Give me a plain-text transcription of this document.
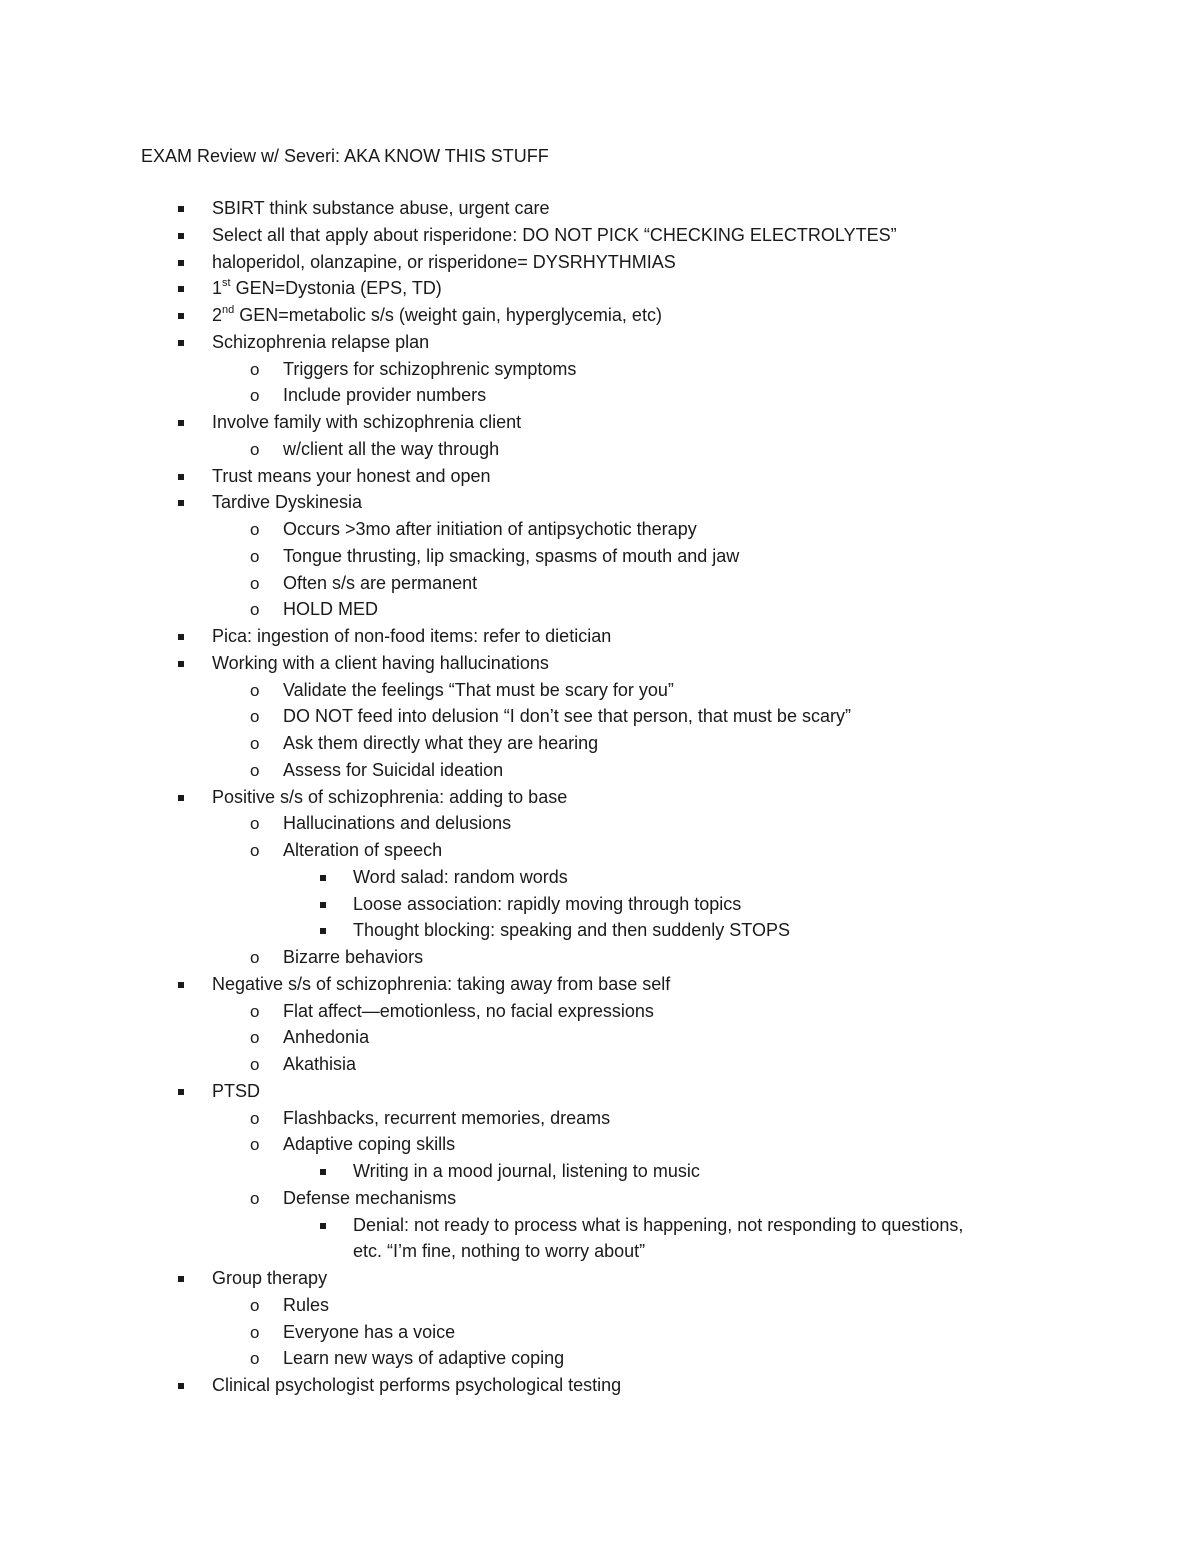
EXAM Review w/ Severi: AKA KNOW THIS STUFF
SBIRT think substance abuse, urgent care
Select all that apply about risperidone: DO NOT PICK “CHECKING ELECTROLYTES”
haloperidol, olanzapine, or risperidone= DYSRHYTHMIAS
1st GEN=Dystonia (EPS, TD)
2nd GEN=metabolic s/s (weight gain, hyperglycemia, etc)
Schizophrenia relapse plan
o Triggers for schizophrenic symptoms
o Include provider numbers
Involve family with schizophrenia client
o w/client all the way through
Trust means your honest and open
Tardive Dyskinesia
o Occurs >3mo after initiation of antipsychotic therapy
o Tongue thrusting, lip smacking, spasms of mouth and jaw
o Often s/s are permanent
o HOLD MED
Pica: ingestion of non-food items: refer to dietician
Working with a client having hallucinations
o Validate the feelings “That must be scary for you”
o DO NOT feed into delusion “I don’t see that person, that must be scary”
o Ask them directly what they are hearing
o Assess for Suicidal ideation
Positive s/s of schizophrenia: adding to base
o Hallucinations and delusions
o Alteration of speech
Word salad: random words
Loose association: rapidly moving through topics
Thought blocking: speaking and then suddenly STOPS
o Bizarre behaviors
Negative s/s of schizophrenia: taking away from base self
o Flat affect—emotionless, no facial expressions
o Anhedonia
o Akathisia
PTSD
o Flashbacks, recurrent memories, dreams
o Adaptive coping skills
Writing in a mood journal, listening to music
o Defense mechanisms
Denial: not ready to process what is happening, not responding to questions,
etc. “I’m fine, nothing to worry about”
Group therapy
o Rules
o Everyone has a voice
o Learn new ways of adaptive coping
Clinical psychologist performs psychological testing
